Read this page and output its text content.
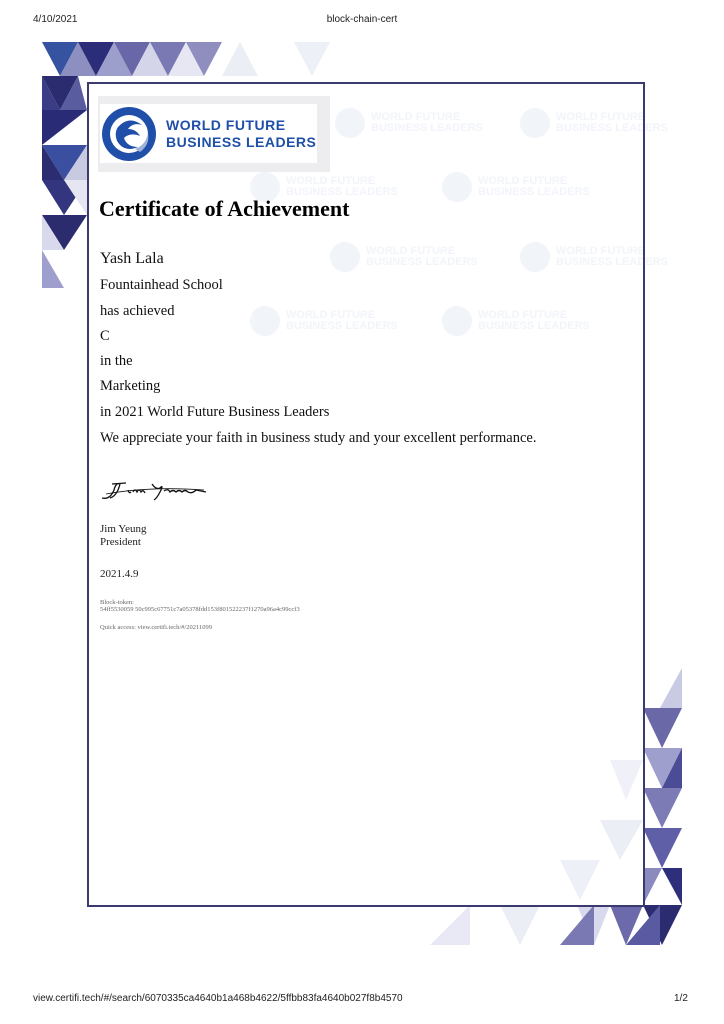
4/10/2021	block-chain-cert
WORLD FUTURE
BUSINESS LEADERS
WORLD FUTURE
BUSINESS LEADERS
WORLD FUTURE
BUSINESS LEADERS
WORLD FUTURE
BUSINESS LEADERS
WORLD FUTURE
BUSINESS LEADERS
WORLD FUTURE
BUSINESS LEADERS
WORLD FUTURE
BUSINESS LEADERS
WORLD FUTURE
BUSINESS LEADERS
WORLD FUTURE
BUSINESS LEADERS
Certificate of Achievement
Yash Lala
Fountainhead School
has achieved
C
in the
Marketing
in 2021 World Future Business Leaders
We appreciate your faith in business study and your excellent performance.
Jim Yeung
President
2021.4.9
Block-token:
54ff5530059 50c995c67751c7a05378fdd153f801522237f1270a96a4c99ccf3
Quick access: view.certifi.tech/#/20211099
view.certifi.tech/#/search/6070335ca4640b1a468b4622/5ffbb83fa4640b027f8b4570	1/2
